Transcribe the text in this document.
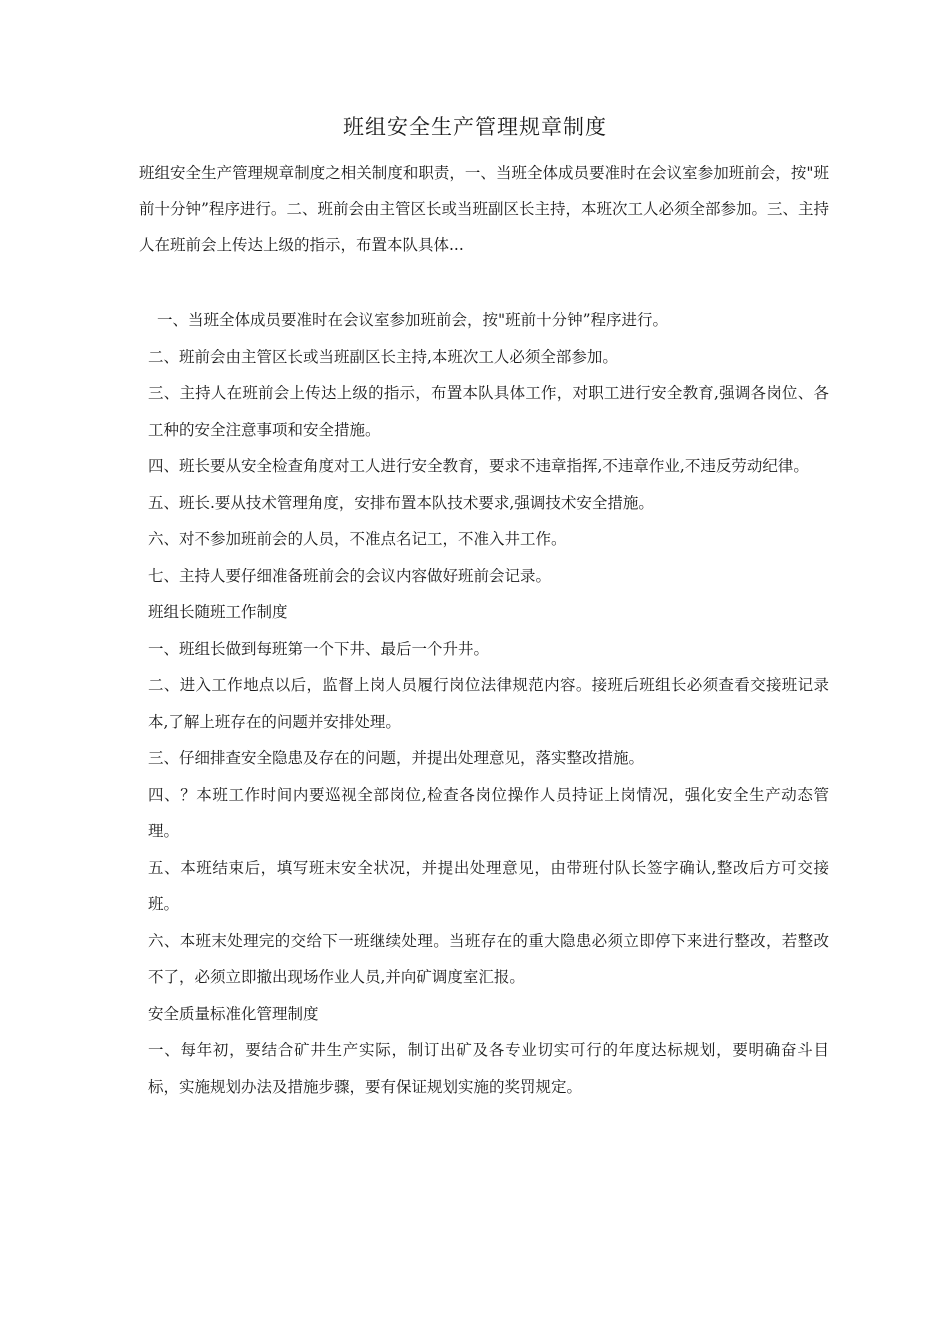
班组安全生产管理规章制度
班组安全生产管理规章制度之相关制度和职责，一、当班全体成员要准时在会议室参加班前会，按"班前十分钟”程序进行。二、班前会由主管区长或当班副区长主持，本班次工人必须全部参加。三、主持人在班前会上传达上级的指示，布置本队具体...

一、当班全体成员要准时在会议室参加班前会，按"班前十分钟”程序进行。

二、班前会由主管区长或当班副区长主持,本班次工人必须全部参加。

三、主持人在班前会上传达上级的指示，布置本队具体工作，对职工进行安全教育,强调各岗位、各工种的安全注意事项和安全措施。

四、班长要从安全检查角度对工人进行安全教育，要求不违章指挥,不违章作业,不违反劳动纪律。

五、班长.要从技术管理角度，安排布置本队技术要求,强调技术安全措施。

六、对不参加班前会的人员，不准点名记工，不准入井工作。

七、主持人要仔细准备班前会的会议内容做好班前会记录。

班组长随班工作制度

一、班组长做到每班第一个下井、最后一个升井。

二、进入工作地点以后，监督上岗人员履行岗位法律规范内容。接班后班组长必须查看交接班记录本,了解上班存在的问题并安排处理。

三、仔细排查安全隐患及存在的问题，并提出处理意见，落实整改措施。

四、？本班工作时间内要巡视全部岗位,检查各岗位操作人员持证上岗情况，强化安全生产动态管理。

五、本班结束后，填写班末安全状况，并提出处理意见，由带班付队长签字确认,整改后方可交接班。

六、本班末处理完的交给下一班继续处理。当班存在的重大隐患必须立即停下来进行整改，若整改不了，必须立即撤出现场作业人员,并向矿调度室汇报。

安全质量标准化管理制度

一、每年初，要结合矿井生产实际，制订出矿及各专业切实可行的年度达标规划，要明确奋斗目标，实施规划办法及措施步骤，要有保证规划实施的奖罚规定。
